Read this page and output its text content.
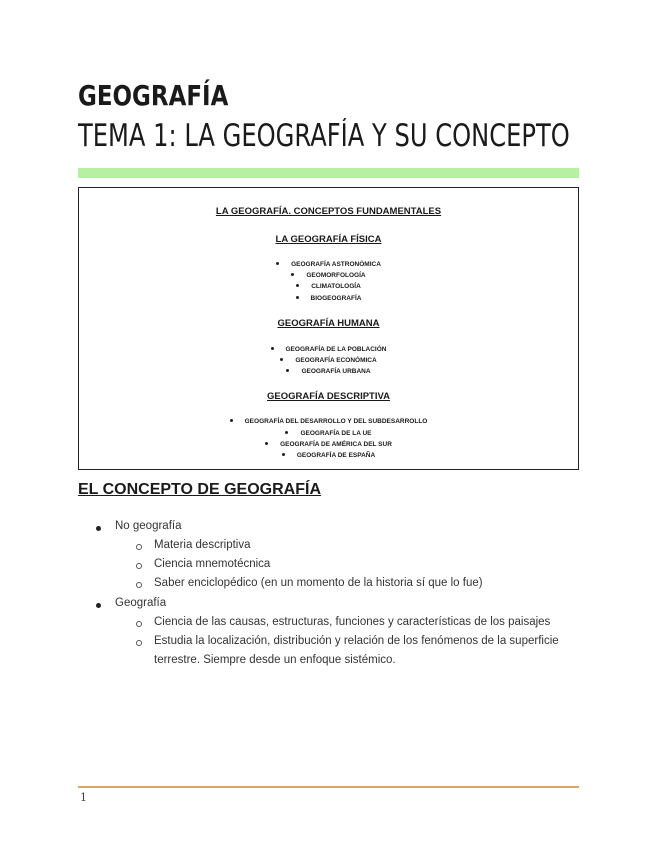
GEOGRAFÍA
TEMA 1: LA GEOGRAFÍA Y SU CONCEPTO
LA GEOGRAFÍA. CONCEPTOS FUNDAMENTALES
LA GEOGRAFÍA FÍSICA
GEOGRAFÍA ASTRONÓMICA
GEOMORFOLOGÍA
CLIMATOLOGÍA
BIOGEOGRAFÍA
GEOGRAFÍA HUMANA
GEOGRAFÍA DE LA POBLACIÓN
GEOGRAFÍA ECONÓMICA
GEOGRAFÍA URBANA
GEOGRAFÍA DESCRIPTIVA
GEOGRAFÍA DEL DESARROLLO Y DEL SUBDESARROLLO
GEOGRAFÍA DE LA UE
GEOGRAFÍA DE AMÉRICA DEL SUR
GEOGRAFÍA DE ESPAÑA
EL CONCEPTO DE GEOGRAFÍA
No geografía
Materia descriptiva
Ciencia mnemotécnica
Saber enciclopédico (en un momento de la historia sí que lo fue)
Geografía
Ciencia de las causas, estructuras, funciones y características de los paisajes
Estudia la localización, distribución y relación de los fenómenos de la superficie
terrestre. Siempre desde un enfoque sistémico.
1
